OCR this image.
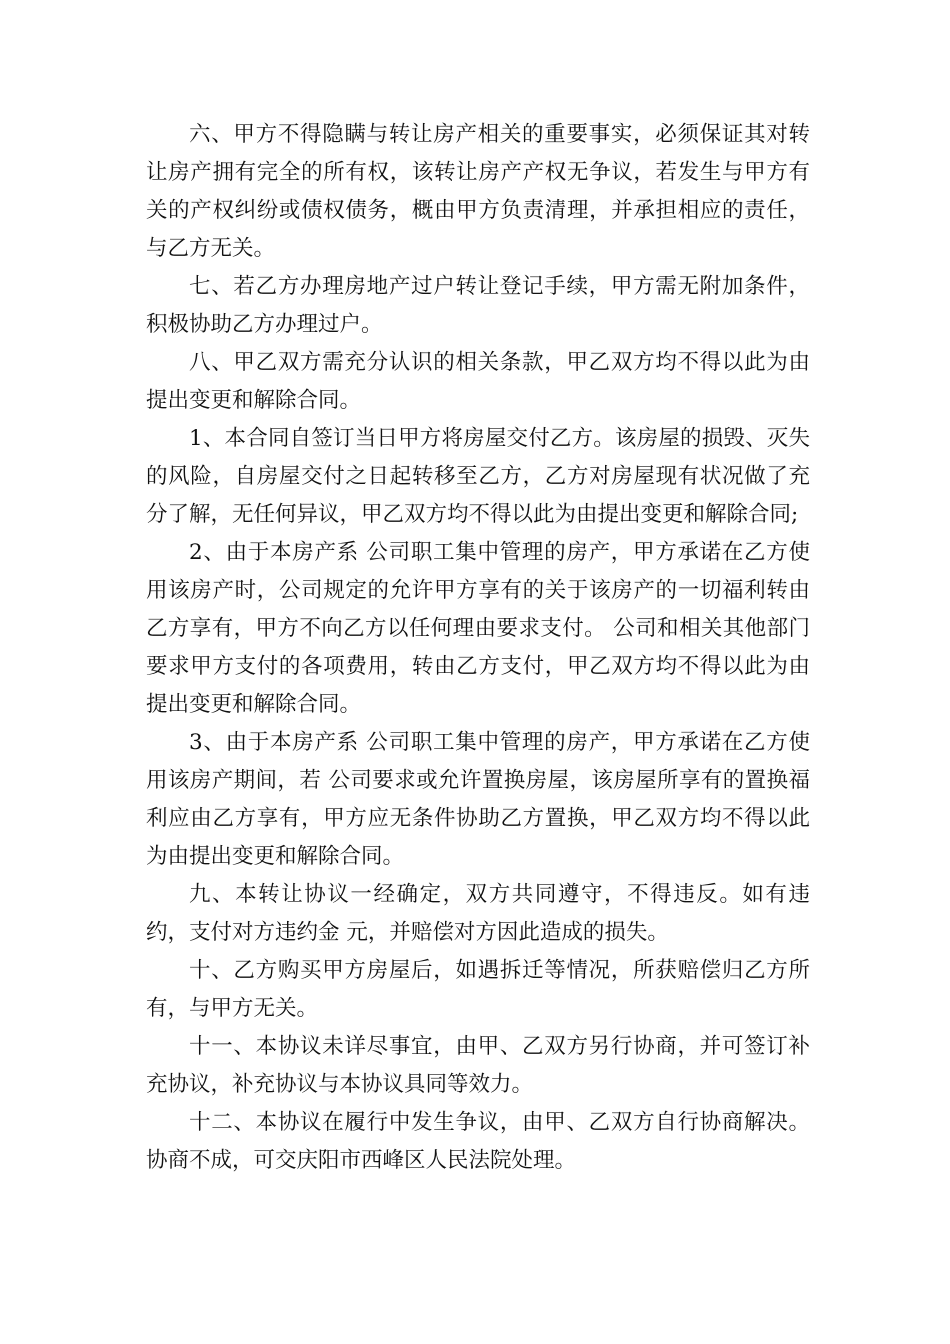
六、甲方不得隐瞒与转让房产相关的重要事实，必须保证其对转让房产拥有完全的所有权，该转让房产产权无争议，若发生与甲方有关的产权纠纷或债权债务，概由甲方负责清理，并承担相应的责任，与乙方无关。

七、若乙方办理房地产过户转让登记手续，甲方需无附加条件，积极协助乙方办理过户。

八、甲乙双方需充分认识的相关条款，甲乙双方均不得以此为由提出变更和解除合同。

1、本合同自签订当日甲方将房屋交付乙方。该房屋的损毁、灭失的风险，自房屋交付之日起转移至乙方，乙方对房屋现有状况做了充分了解，无任何异议，甲乙双方均不得以此为由提出变更和解除合同;

2、由于本房产系 公司职工集中管理的房产，甲方承诺在乙方使用该房产时，公司规定的允许甲方享有的关于该房产的一切福利转由乙方享有，甲方不向乙方以任何理由要求支付。 公司和相关其他部门要求甲方支付的各项费用，转由乙方支付，甲乙双方均不得以此为由提出变更和解除合同。

3、由于本房产系 公司职工集中管理的房产，甲方承诺在乙方使用该房产期间，若 公司要求或允许置换房屋，该房屋所享有的置换福利应由乙方享有，甲方应无条件协助乙方置换，甲乙双方均不得以此为由提出变更和解除合同。

九、本转让协议一经确定，双方共同遵守，不得违反。如有违约，支付对方违约金 元，并赔偿对方因此造成的损失。

十、乙方购买甲方房屋后，如遇拆迁等情况，所获赔偿归乙方所有，与甲方无关。

十一、本协议未详尽事宜，由甲、乙双方另行协商，并可签订补充协议，补充协议与本协议具同等效力。

十二、本协议在履行中发生争议，由甲、乙双方自行协商解决。协商不成，可交庆阳市西峰区人民法院处理。
